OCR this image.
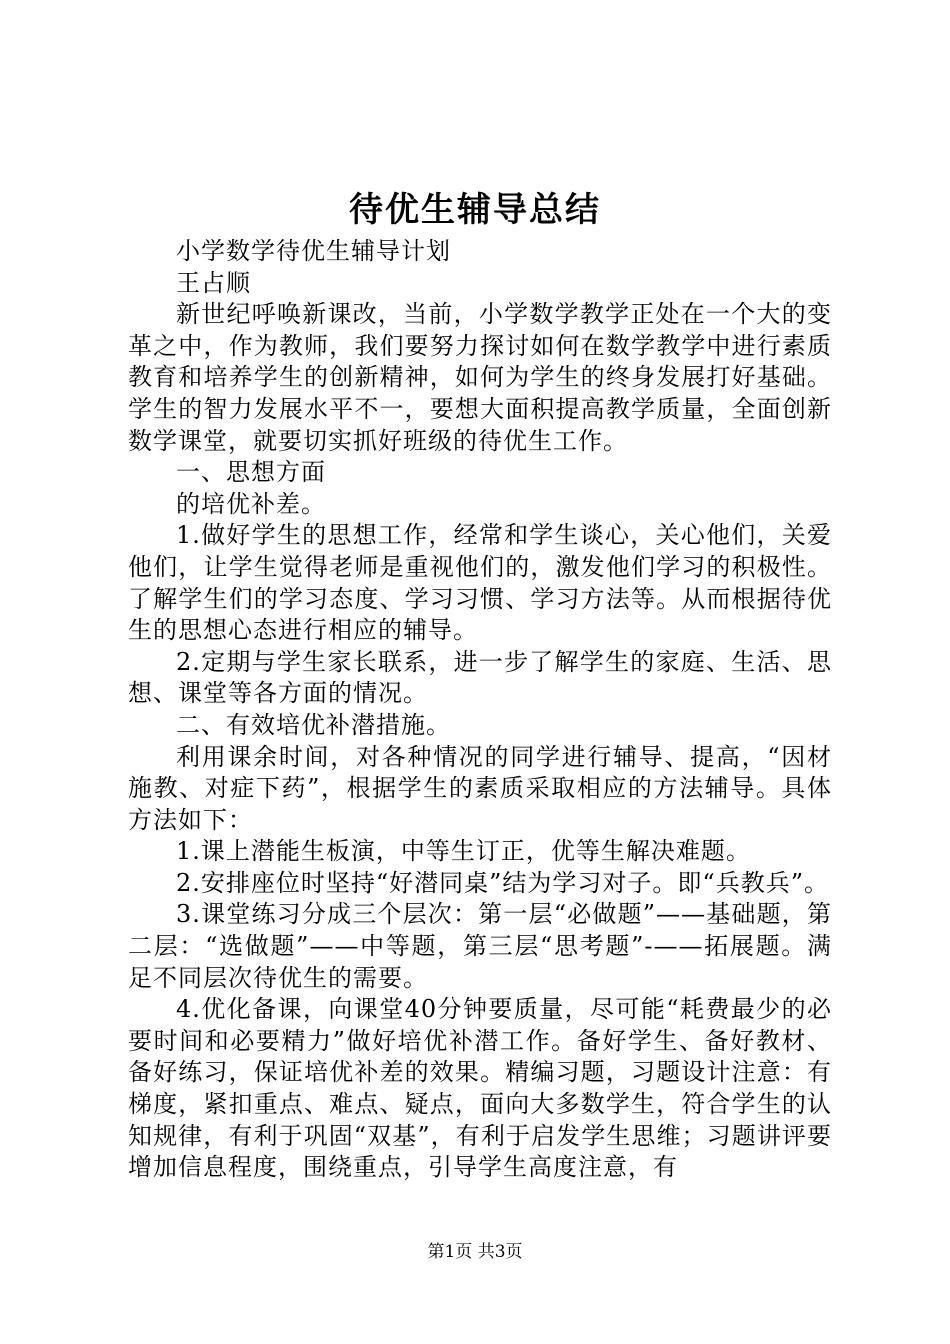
待优生辅导总结

小学数学待优生辅导计划

王占顺

新世纪呼唤新课改，当前，小学数学教学正处在一个大的变革之中，作为教师，我们要努力探讨如何在数学教学中进行素质教育和培养学生的创新精神，如何为学生的终身发展打好基础。学生的智力发展水平不一，要想大面积提高教学质量，全面创新数学课堂，就要切实抓好班级的待优生工作。

一、思想方面

的培优补差。

1.做好学生的思想工作，经常和学生谈心，关心他们，关爱他们，让学生觉得老师是重视他们的，激发他们学习的积极性。了解学生们的学习态度、学习习惯、学习方法等。从而根据待优生的思想心态进行相应的辅导。

2.定期与学生家长联系，进一步了解学生的家庭、生活、思想、课堂等各方面的情况。

二、有效培优补潜措施。

利用课余时间，对各种情况的同学进行辅导、提高，“因材施教、对症下药”，根据学生的素质采取相应的方法辅导。具体方法如下：

1.课上潜能生板演，中等生订正，优等生解决难题。

2.安排座位时坚持“好潜同桌”结为学习对子。即“兵教兵”。

3.课堂练习分成三个层次：第一层“必做题”——基础题，第二层：“选做题”——中等题，第三层“思考题”-——拓展题。满足不同层次待优生的需要。

4.优化备课，向课堂40分钟要质量，尽可能“耗费最少的必要时间和必要精力”做好培优补潜工作。备好学生、备好教材、备好练习，保证培优补差的效果。精编习题，习题设计注意：有梯度，紧扣重点、难点、疑点，面向大多数学生，符合学生的认知规律，有利于巩固“双基”，有利于启发学生思维；习题讲评要增加信息程度，围绕重点，引导学生高度注意，有

第1页 共3页
